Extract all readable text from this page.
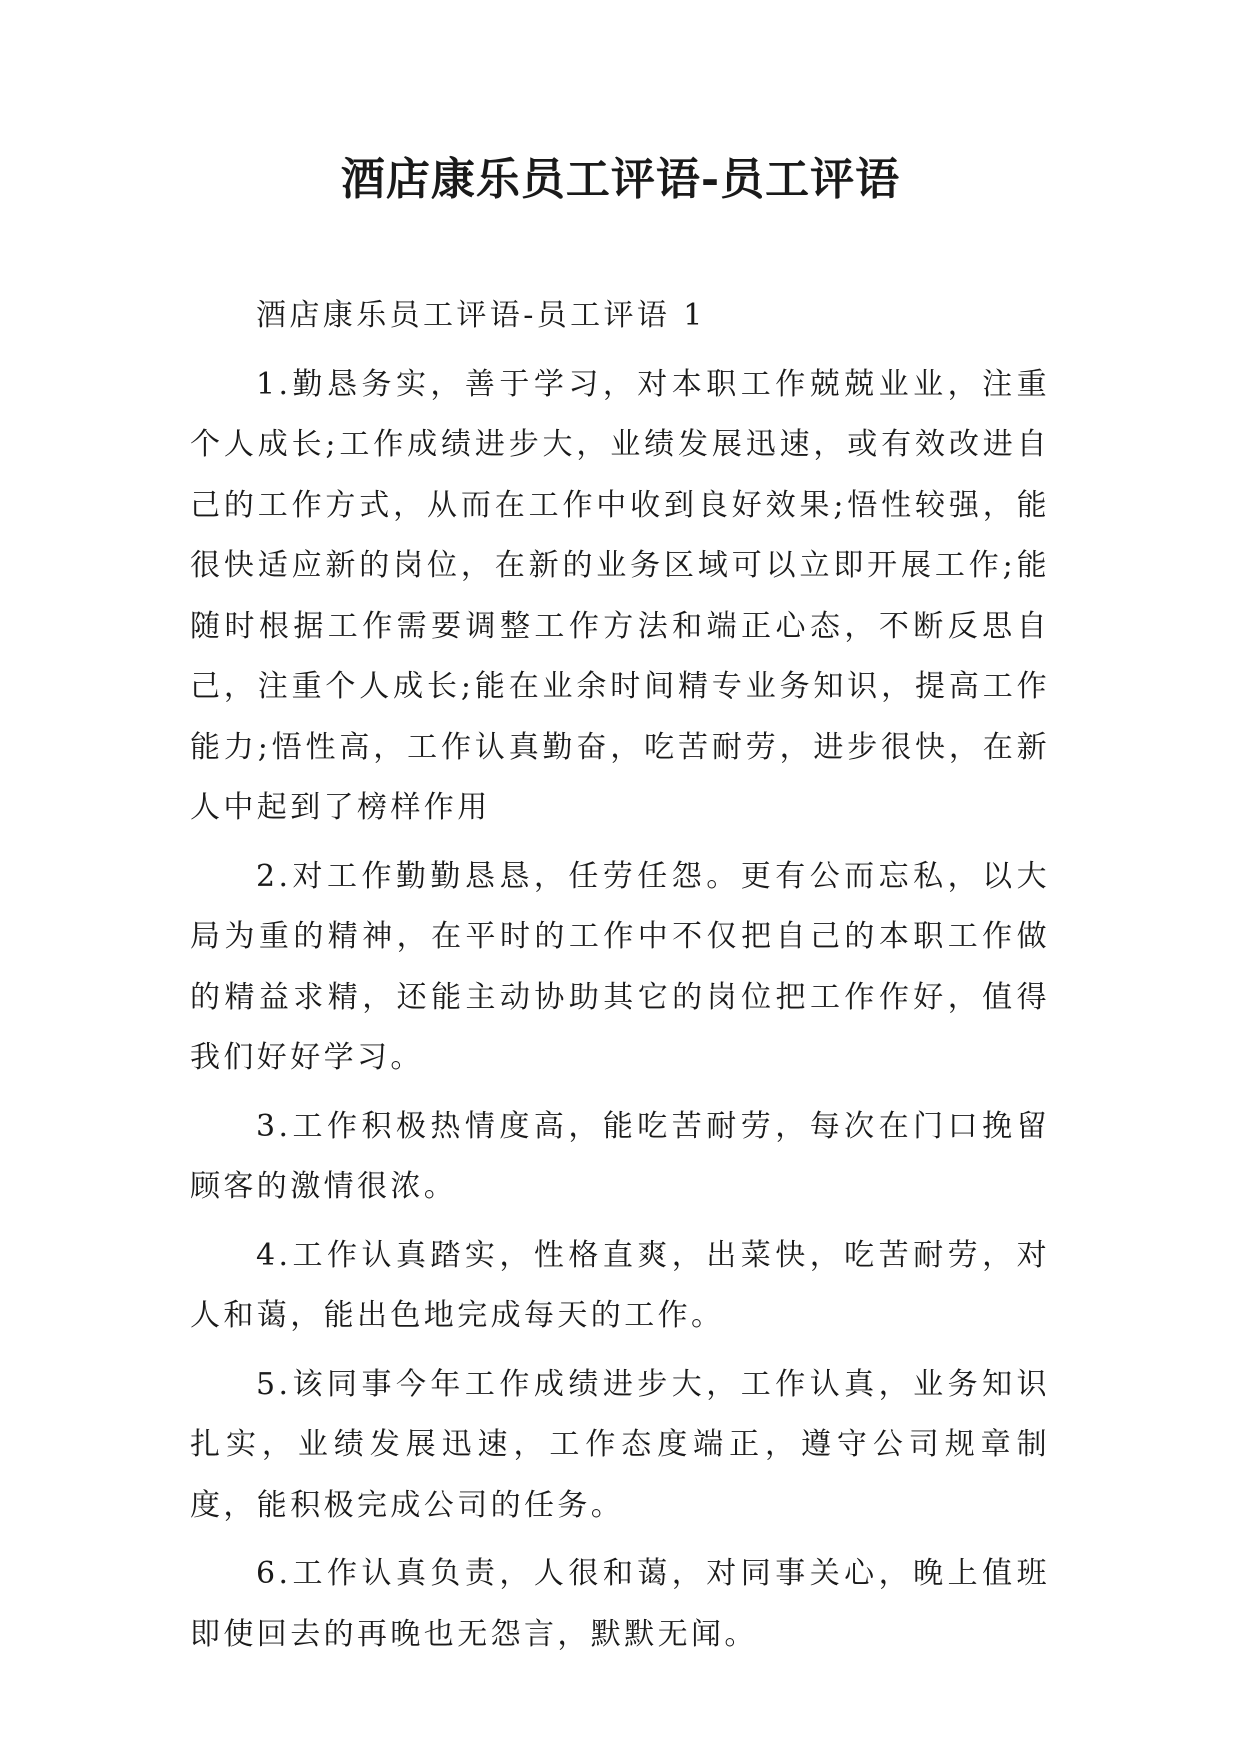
酒店康乐员工评语-员工评语

酒店康乐员工评语-员工评语 1

1.勤恳务实，善于学习，对本职工作兢兢业业，注重个人成长;工作成绩进步大，业绩发展迅速，或有效改进自己的工作方式，从而在工作中收到良好效果;悟性较强，能很快适应新的岗位，在新的业务区域可以立即开展工作;能随时根据工作需要调整工作方法和端正心态，不断反思自己，注重个人成长;能在业余时间精专业务知识，提高工作能力;悟性高，工作认真勤奋，吃苦耐劳，进步很快，在新人中起到了榜样作用

2.对工作勤勤恳恳，任劳任怨。更有公而忘私，以大局为重的精神，在平时的工作中不仅把自己的本职工作做的精益求精，还能主动协助其它的岗位把工作作好，值得我们好好学习。

3.工作积极热情度高，能吃苦耐劳，每次在门口挽留顾客的激情很浓。

4.工作认真踏实，性格直爽，出菜快，吃苦耐劳，对人和蔼，能出色地完成每天的工作。

5.该同事今年工作成绩进步大，工作认真，业务知识扎实，业绩发展迅速，工作态度端正，遵守公司规章制度，能积极完成公司的任务。

6.工作认真负责，人很和蔼，对同事关心，晚上值班即使回去的再晚也无怨言，默默无闻。
